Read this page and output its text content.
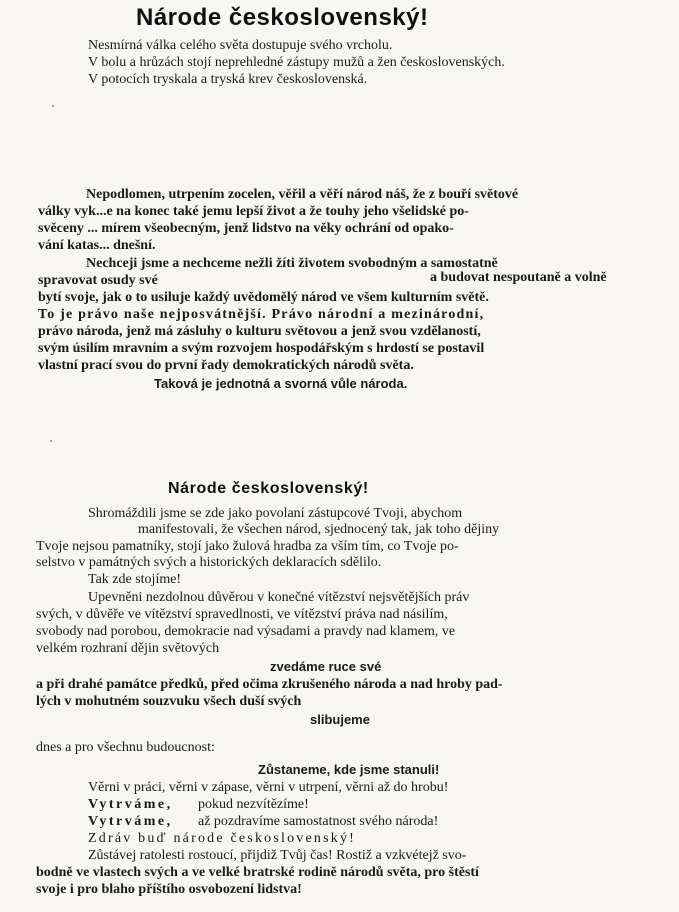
Národe československý!
Nesmírná válka celého světa dostupuje svého vrcholu.
V bolu a hrůzách stojí neprehledné zástupy mužů a žen československých.
V potocích tryskala a tryská krev československá.
Nepodlomen, utrpením zocelen, věřil a věří národ náš, že z bouří světové
války vyk...e na konec také jemu lepší život a že touhy jeho všelidské po-
svěceny ... mírem všeobecným, jenž lidstvo na věky ochrání od opako-
vání katas... dnešní.
Nechceji jsme a nechceme nežli žíti životem svobodným a samostatně
spravovat osudy své	a budovat nespoutaně a volně
bytí svoje, jak o to usiluje každý uvědomělý národ ve všem kulturním světě.
To je právo naše nejposvátnější. Právo národní a mezinárodní,
právo národa, jenž má zásluhy o kulturu světovou a jenž svou vzdělaností,
svým úsilím mravním a svým rozvojem hospodářským s hrdostí se postavil
vlastní prací svou do první řady demokratických národů světa.
Taková je jednotná a svorná vůle národa.
Národe československý!
Shromáždili jsme se zde jako povolaní zástupcové Tvoji, abychom
manifestovali, že všechen národ, sjednocený tak, jak toho dějiny
Tvoje nejsou pamatníky, stojí jako žulová hradba za vším tím, co Tvoje po-
selstvo v památných svých a historických deklaracích sdělilo.
Tak zde stojíme!
Upevněni nezdolnou důvěrou v konečné vítězství nejsvětějších práv
svých, v důvěře ve vítězství spravedlnosti, ve vítězství práva nad násilím,
svobody nad porobou, demokracie nad výsadami a pravdy nad klamem, ve
velkém rozhraní dějin světových
zvedáme ruce své
a při drahé památce předků, před očima zkrušeného národa a nad hroby pad-
lých v mohutném souzvuku všech duší svých
slibujeme
dnes a pro všechnu budoucnost:
Zůstaneme, kde jsme stanuli!
Věrni v práci, věrni v zápase, věrni v utrpení, věrni až do hrobu!
Vytrváme, pokud nezvítězíme!
Vytrváme, až pozdravíme samostatnost svého národa!
Zdráv buď národe československý!
Zůstávej ratolesti rostoucí, přijdiž Tvůj čas! Rostiž a vzkvétejž svo-
bodně ve vlastech svých a ve velké bratrské rodině národů světa, pro štěstí
svoje i pro blaho příštího osvobození lidstva!
